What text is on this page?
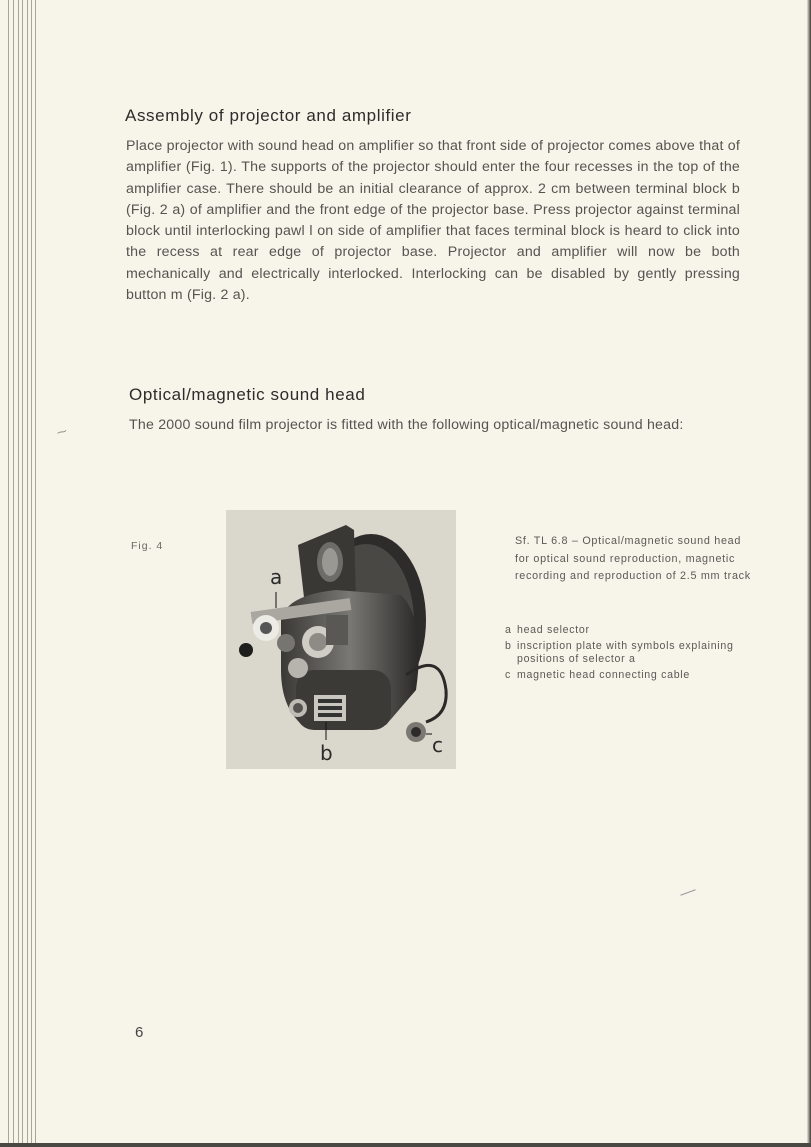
Assembly of projector and amplifier

Place projector with sound head on amplifier so that front side of projector comes above that of amplifier (Fig. 1). The supports of the projector should enter the four recesses in the top of the amplifier case. There should be an initial clearance of approx. 2 cm between terminal block b (Fig. 2 a) of amplifier and the front edge of the projector base. Press projector against terminal block until interlocking pawl l on side of amplifier that faces terminal block is heard to click into the recess at rear edge of projector base. Projector and amplifier will now be both mechanically and electrically interlocked. Interlocking can be disabled by gently pressing button m (Fig. 2 a).

Optical/magnetic sound head

The 2000 sound film projector is fitted with the following optical/magnetic sound head:

Fig. 4
a
b	c

Sf. TL 6.8 – Optical/magnetic sound head for optical sound reproduction, magnetic recording and reproduction of 2.5 mm track

a head selector
b inscription plate with symbols explaining positions of selector a
c magnetic head connecting cable
6
⁓
